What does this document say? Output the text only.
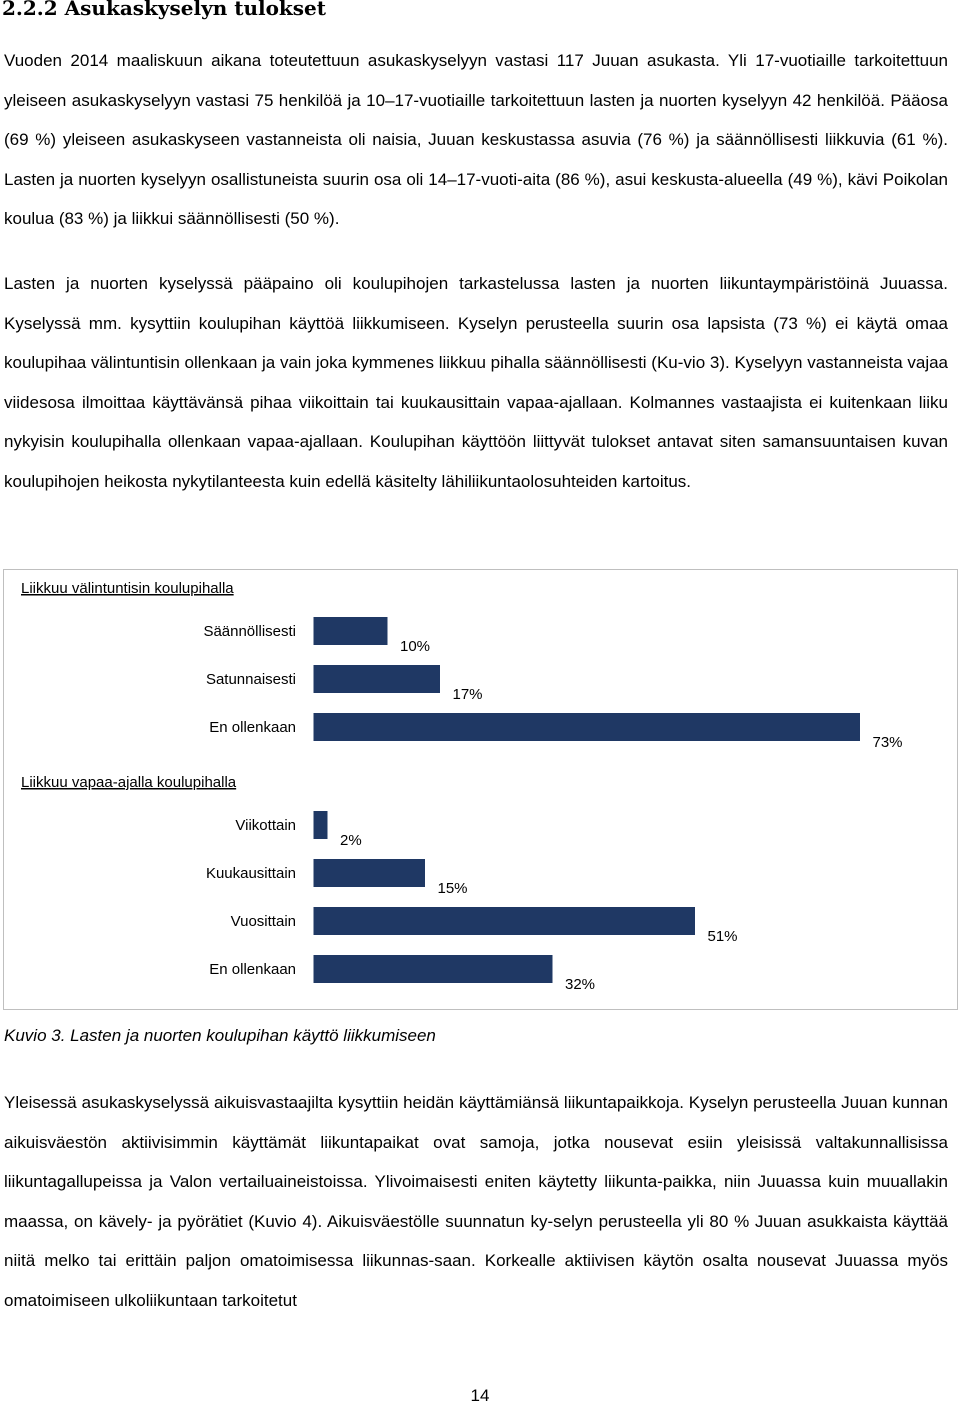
2.2.2 Asukaskyselyn tulokset

Vuoden 2014 maaliskuun aikana toteutettuun asukaskyselyyn vastasi 117 Juuan asukasta. Yli 17-vuotiaille tarkoitettuun yleiseen asukaskyselyyn vastasi 75 henkilöä ja 10–17-vuotiaille tarkoitettuun lasten ja nuorten kyselyyn 42 henkilöä. Pääosa (69 %) yleiseen asukaskyseen vastanneista oli naisia, Juuan keskustassa asuvia (76 %) ja säännöllisesti liikkuvia (61 %). Lasten ja nuorten kyselyyn osallistuneista suurin osa oli 14–17-vuoti-aita (86 %), asui keskusta-alueella (49 %), kävi Poikolan koulua (83 %) ja liikkui säännöllisesti (50 %).

Lasten ja nuorten kyselyssä pääpaino oli koulupihojen tarkastelussa lasten ja nuorten liikuntaympäristöinä Juuassa. Kyselyssä mm. kysyttiin koulupihan käyttöä liikkumiseen. Kyselyn perusteella suurin osa lapsista (73 %) ei käytä omaa koulupihaa välintuntisin ollenkaan ja vain joka kymmenes liikkuu pihalla säännöllisesti (Ku-vio 3). Kyselyyn vastanneista vajaa viidesosa ilmoittaa käyttävänsä pihaa viikoittain tai kuukausittain vapaa-ajallaan. Kolmannes vastaajista ei kuitenkaan liiku nykyisin koulupihalla ollenkaan vapaa-ajallaan. Koulupihan käyttöön liittyvät tulokset antavat siten samansuuntaisen kuvan koulupihojen heikosta nykytilanteesta kuin edellä käsitelty lähiliikuntaolosuhteiden kartoitus.

Liikkuu välintuntisin koulupihalla
Säännöllisesti
10%
Satunnaisesti
17%
En ollenkaan
73%
Liikkuu vapaa-ajalla koulupihalla
Viikottain
2%
Kuukausittain
15%
Vuosittain
51%
En ollenkaan
32%

Kuvio 3. Lasten ja nuorten koulupihan käyttö liikkumiseen

Yleisessä asukaskyselyssä aikuisvastaajilta kysyttiin heidän käyttämiänsä liikuntapaikkoja. Kyselyn perusteella Juuan kunnan aikuisväestön aktiivisimmin käyttämät liikuntapaikat ovat samoja, jotka nousevat esiin yleisissä valtakunnallisissa liikuntagallupeissa ja Valon vertailuaineistoissa. Ylivoimaisesti eniten käytetty liikunta-paikka, niin Juuassa kuin muuallakin maassa, on kävely- ja pyörätiet (Kuvio 4). Aikuisväestölle suunnatun ky-selyn perusteella yli 80 % Juuan asukkaista käyttää niitä melko tai erittäin paljon omatoimisessa liikunnas-saan. Korkealle aktiivisen käytön osalta nousevat Juuassa myös omatoimiseen ulkoliikuntaan tarkoitetut

14
